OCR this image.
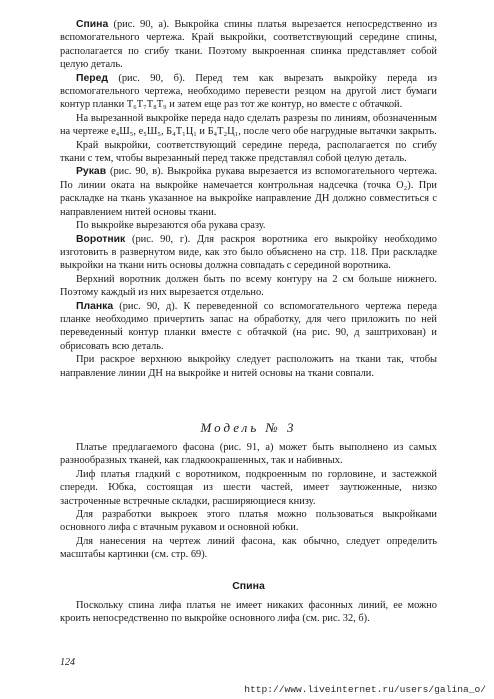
Спина (рис. 90, а). Выкройка спины платья вырезается непосредственно из вспомогательного чертежа. Край выкройки, соответствующий середине спины, располагается по сгибу ткани. Поэтому выкроенная спинка представляет собой целую деталь.

Перед (рис. 90, б). Перед тем как вырезать выкройку переда из вспомогательного чертежа, необходимо перевести резцом на другой лист бумаги контур планки Т₆Т₇Т₈Т₉ и затем еще раз тот же контур, но вместе с обтачкой.

На вырезанной выкройке переда надо сделать разрезы по линиям, обозначенным на чертеже е₄Ш₅, е₅Ш₅, Б₄Т₁Ц₁ и Б₄Т₂Ц₁, после чего обе нагрудные вытачки закрыть.

Край выкройки, соответствующий середине переда, располагается по сгибу ткани с тем, чтобы вырезанный перед также представлял собой целую деталь.

Рукав (рис. 90, в). Выкройка рукава вырезается из вспомогательного чертежа. По линии оката на выкройке намечается контрольная надсечка (точка О₂). При раскладке на ткань указанное на выкройке направление ДН должно совместиться с направлением нитей основы ткани.

По выкройке вырезаются оба рукава сразу.

Воротник (рис. 90, г). Для раскроя воротника его выкройку необходимо изготовить в развернутом виде, как это было объяснено на стр. 118. При раскладке выкройки на ткани нить основы должна совпадать с серединой воротника.

Верхний воротник должен быть по всему контуру на 2 см больше нижнего. Поэтому каждый из них вырезается отдельно.

Планка (рис. 90, д). К переведенной со вспомогательного чертежа переда планке необходимо причертить запас на обработку, для чего приложить по ней переведенный контур планки вместе с обтачкой (на рис. 90, д заштрихован) и обрисовать всю деталь.

При раскрое верхнюю выкройку следует расположить на ткани так, чтобы направление линии ДН на выкройке и нитей основы на ткани совпали.

Модель № 3

Платье предлагаемого фасона (рис. 91, а) может быть выполнено из самых разнообразных тканей, как гладкоокрашенных, так и набивных.

Лиф платья гладкий с воротником, подкроенным по горловине, и застежкой спереди. Юбка, состоящая из шести частей, имеет заутюженные, низко застроченные встречные складки, расширяющиеся книзу.

Для разработки выкроек этого платья можно пользоваться выкройками основного лифа с втачным рукавом и основной юбки.

Для нанесения на чертеж линий фасона, как обычно, следует определить масштабы картинки (см. стр. 69).

Спина

Поскольку спина лифа платья не имеет никаких фасонных линий, ее можно кроить непосредственно по выкройке основного лифа (см. рис. 32, б).

124
http://www.liveinternet.ru/users/galina_o/
